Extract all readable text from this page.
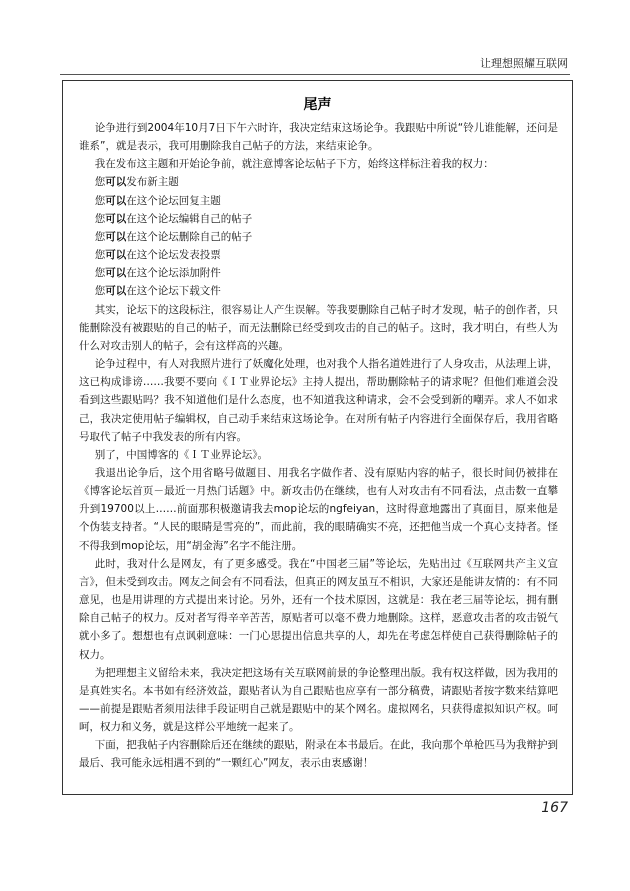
让理想照耀互联网
尾声

论争进行到2004年10月7日下午六时许，我决定结束这场论争。我跟贴中所说“铃儿谁能解，还问是谁系”，就是表示，我可用删除我自己帖子的方法，来结束论争。

我在发布这主题和开始论争前，就注意博客论坛帖子下方，始终这样标注着我的权力：

您可以发布新主题
您可以在这个论坛回复主题
您可以在这个论坛编辑自己的帖子
您可以在这个论坛删除自己的帖子
您可以在这个论坛发表投票
您可以在这个论坛添加附件
您可以在这个论坛下载文件

其实，论坛下的这段标注，很容易让人产生误解。等我要删除自己帖子时才发现，帖子的创作者，只能删除没有被跟贴的自己的帖子，而无法删除已经受到攻击的自己的帖子。这时，我才明白，有些人为什么对攻击别人的帖子，会有这样高的兴趣。

论争过程中，有人对我照片进行了妖魔化处理，也对我个人指名道姓进行了人身攻击，从法理上讲，这已构成诽谤……我要不要向《ＩＴ业界论坛》主持人提出，帮助删除帖子的请求呢？但他们难道会没看到这些跟贴吗？我不知道他们是什么态度，也不知道我这种请求，会不会受到新的嘲弄。求人不如求己，我决定使用帖子编辑权，自己动手来结束这场论争。在对所有帖子内容进行全面保存后，我用省略号取代了帖子中我发表的所有内容。

别了，中国博客的《ＩＴ业界论坛》。

我退出论争后，这个用省略号做题目、用我名字做作者、没有原贴内容的帖子，很长时间仍被排在《博客论坛首页－最近一月热门话题》中。新攻击仍在继续，也有人对攻击有不同看法，点击数一直攀升到19700以上……前面那积极邀请我去mop论坛的ngfeiyan，这时得意地露出了真面目，原来他是个伪装支持者。“人民的眼睛是雪亮的”，而此前，我的眼睛确实不亮，还把他当成一个真心支持者。怪不得我到mop论坛，用“胡金海”名字不能注册。

此时，我对什么是网友，有了更多感受。我在“中国老三届”等论坛，先贴出过《互联网共产主义宣言》，但未受到攻击。网友之间会有不同看法，但真正的网友虽互不相识，大家还是能讲友情的：有不同意见，也是用讲理的方式提出来讨论。另外，还有一个技术原因，这就是：我在老三届等论坛，拥有删除自己帖子的权力。反对者写得辛辛苦苦，原贴者可以毫不费力地删除。这样，恶意攻击者的攻击锐气就小多了。想想也有点讽刺意味：一门心思提出信息共享的人，却先在考虑怎样使自己获得删除帖子的权力。

为把理想主义留给未来，我决定把这场有关互联网前景的争论整理出版。我有权这样做，因为我用的是真姓实名。本书如有经济效益，跟贴者认为自己跟贴也应享有一部分稿费，请跟贴者按字数来结算吧——前提是跟贴者须用法律手段证明自己就是跟贴中的某个网名。虚拟网名，只获得虚拟知识产权。呵呵，权力和义务，就是这样公平地统一起来了。

下面，把我帖子内容删除后还在继续的跟贴，附录在本书最后。在此，我向那个单枪匹马为我辩护到最后、我可能永远相遇不到的“一颗红心”网友，表示由衷感谢！

167
